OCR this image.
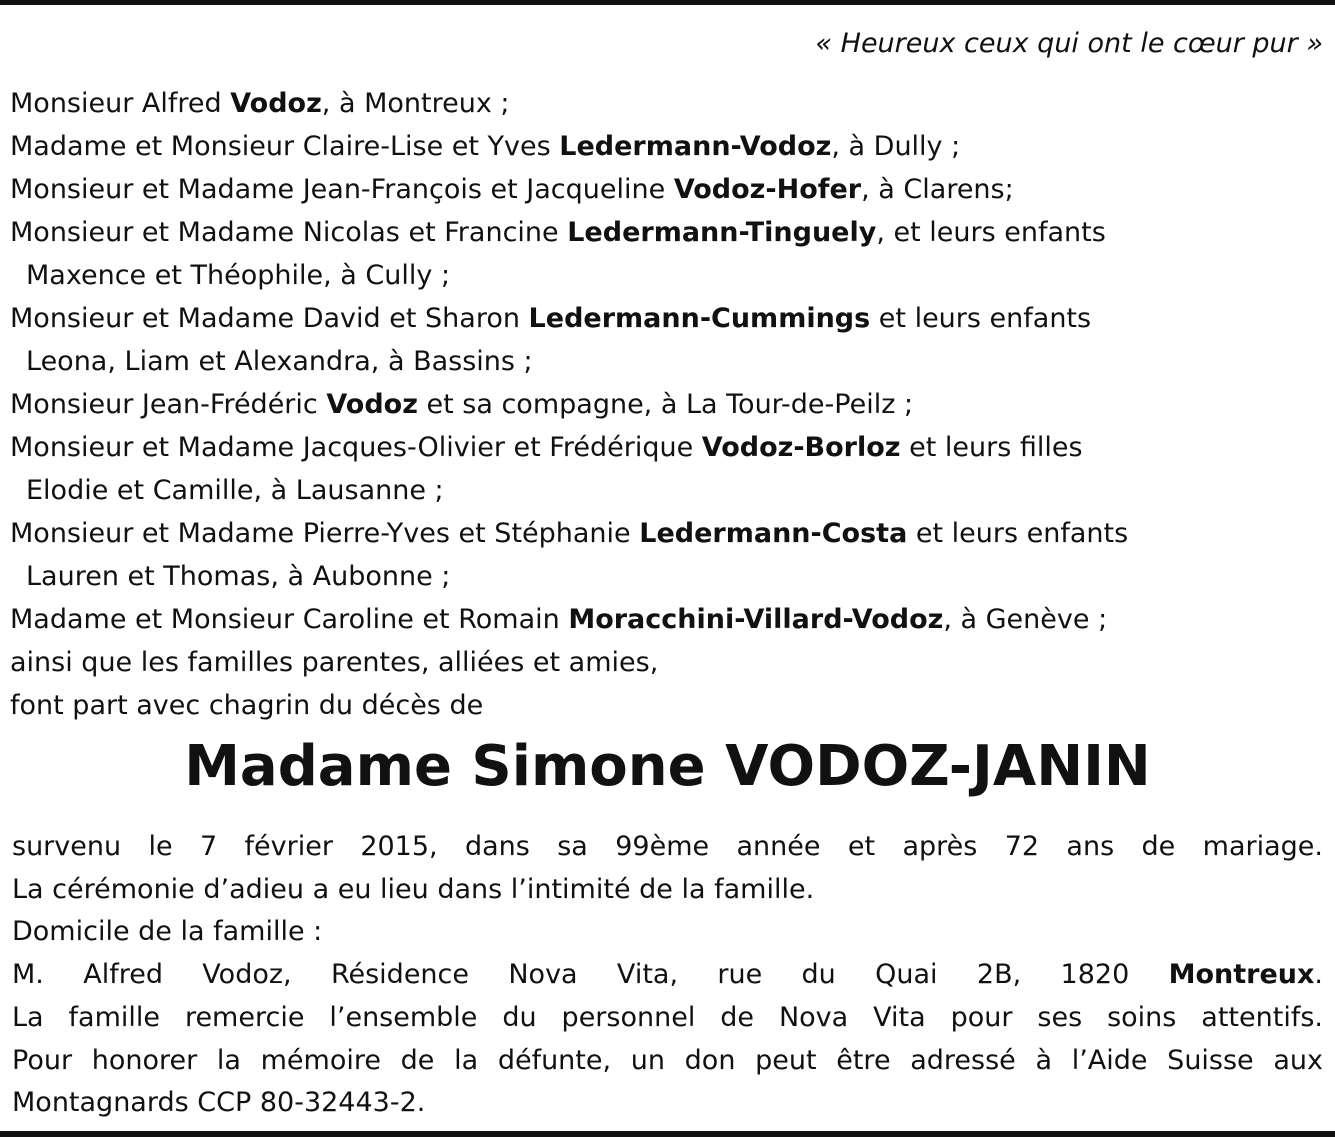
« Heureux ceux qui ont le cœur pur »
Monsieur Alfred Vodoz, à Montreux ;
Madame et Monsieur Claire-Lise et Yves Ledermann-Vodoz, à Dully ;
Monsieur et Madame Jean-François et Jacqueline Vodoz-Hofer, à Clarens;
Monsieur et Madame Nicolas et Francine Ledermann-Tinguely, et leurs enfants
Maxence et Théophile, à Cully ;
Monsieur et Madame David et Sharon Ledermann-Cummings et leurs enfants
Leona, Liam et Alexandra, à Bassins ;
Monsieur Jean-Frédéric Vodoz et sa compagne, à La Tour-de-Peilz ;
Monsieur et Madame Jacques-Olivier et Frédérique Vodoz-Borloz et leurs filles
Elodie et Camille, à Lausanne ;
Monsieur et Madame Pierre-Yves et Stéphanie Ledermann-Costa et leurs enfants
Lauren et Thomas, à Aubonne ;
Madame et Monsieur Caroline et Romain Moracchini-Villard-Vodoz, à Genève ;
ainsi que les familles parentes, alliées et amies,
font part avec chagrin du décès de
Madame Simone VODOZ-JANIN
survenu le 7 février 2015, dans sa 99ème année et après 72 ans de mariage.
La cérémonie d’adieu a eu lieu dans l’intimité de la famille.
Domicile de la famille :
M. Alfred Vodoz, Résidence Nova Vita, rue du Quai 2B, 1820 Montreux.
La famille remercie l’ensemble du personnel de Nova Vita pour ses soins attentifs.
Pour honorer la mémoire de la défunte, un don peut être adressé à l’Aide Suisse aux
Montagnards CCP 80-32443-2.
